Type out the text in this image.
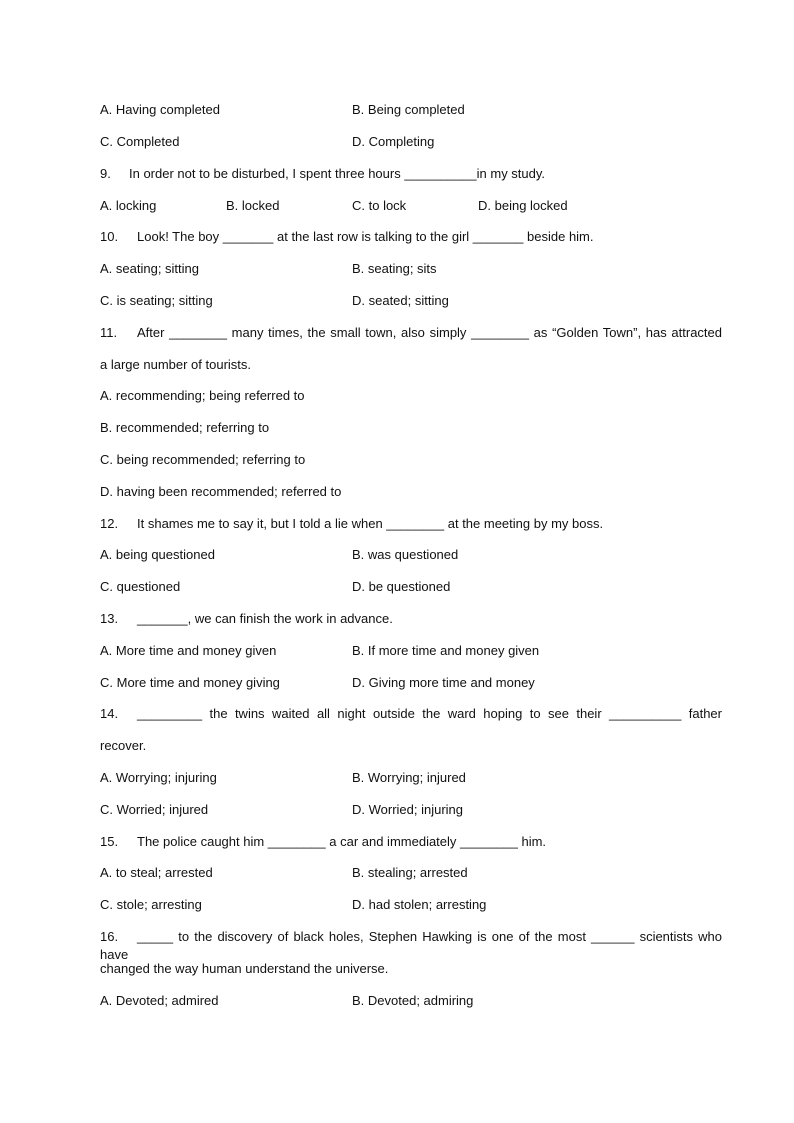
A. Having completed	B. Being completed
C. Completed	D. Completing
9. In order not to be disturbed, I spent three hours __________in my study.
A. locking	B. locked	C. to lock	D. being locked
10. Look! The boy _______ at the last row is talking to the girl _______ beside him.
A. seating; sitting	B. seating; sits
C. is seating; sitting	D. seated; sitting
11. After ________ many times, the small town, also simply ________ as “Golden Town”, has attracted
a large number of tourists.
A. recommending; being referred to
B. recommended; referring to
C. being recommended; referring to
D. having been recommended; referred to
12. It shames me to say it, but I told a lie when ________ at the meeting by my boss.
A. being questioned	B. was questioned
C. questioned	D. be questioned
13. _______, we can finish the work in advance.
A. More time and money given	B. If more time and money given
C. More time and money giving	D. Giving more time and money
14. _________ the twins waited all night outside the ward hoping to see their __________ father
recover.
A. Worrying; injuring	B. Worrying; injured
C. Worried; injured	D. Worried; injuring
15. The police caught him ________ a car and immediately ________ him.
A. to steal; arrested	B. stealing; arrested
C. stole; arresting	D. had stolen; arresting
16. _____ to the discovery of black holes, Stephen Hawking is one of the most ______ scientists who have
changed the way human understand the universe.
A. Devoted; admired	B. Devoted; admiring
